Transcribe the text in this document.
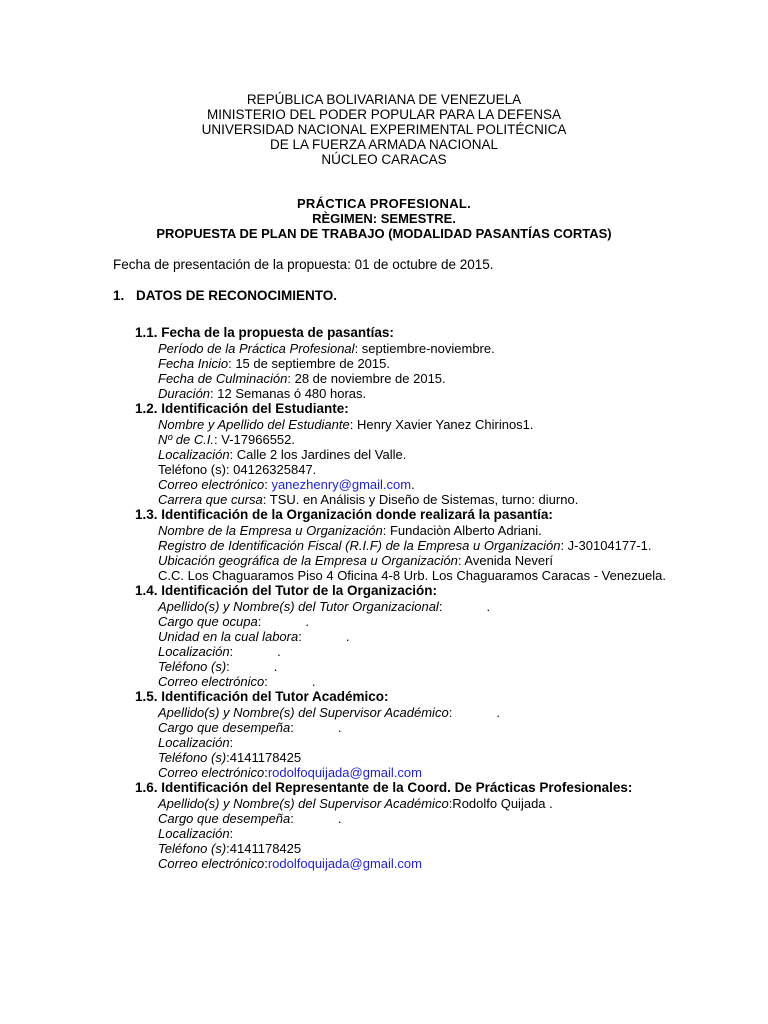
REPÚBLICA BOLIVARIANA DE VENEZUELA
MINISTERIO DEL PODER POPULAR PARA LA DEFENSA
UNIVERSIDAD NACIONAL EXPERIMENTAL POLITÉCNICA
DE LA FUERZA ARMADA NACIONAL
NÚCLEO CARACAS
PRÁCTICA PROFESIONAL.
RÈGIMEN: SEMESTRE.
PROPUESTA DE PLAN DE TRABAJO (MODALIDAD PASANTÍAS CORTAS)
Fecha de presentación de la propuesta: 01 de octubre de 2015.
1. DATOS DE RECONOCIMIENTO.
1.1. Fecha de la propuesta de pasantías:
Período de la Práctica Profesional: septiembre-noviembre.
Fecha Inicio: 15 de septiembre de 2015.
Fecha de Culminación: 28 de noviembre de 2015.
Duración: 12 Semanas ó 480 horas.
1.2. Identificación del Estudiante:
Nombre y Apellido del Estudiante: Henry Xavier Yanez Chirinos1.
Nº de C.I.: V-17966552.
Localización: Calle 2 los Jardines del Valle.
Teléfono (s): 04126325847.
Correo electrónico: yanezhenry@gmail.com.
Carrera que cursa: TSU. en Análisis y Diseño de Sistemas, turno: diurno.
1.3. Identificación de la Organización donde realizará la pasantía:
Nombre de la Empresa u Organización: Fundaciòn Alberto Adriani.
Registro de Identificación Fiscal (R.I.F) de la Empresa u Organización: J-30104177-1.
Ubicación geográfica de la Empresa u Organización: Avenida Neverí
C.C. Los Chaguaramos Piso 4 Oficina 4-8 Urb. Los Chaguaramos Caracas - Venezuela.
1.4. Identificación del Tutor de la Organización:
Apellido(s) y Nombre(s) del Tutor Organizacional:	.
Cargo que ocupa:	.
Unidad en la cual labora:	.
Localización:	.
Teléfono (s):	.
Correo electrónico:	.
1.5. Identificación del Tutor Académico:
Apellido(s) y Nombre(s) del Supervisor Académico:	.
Cargo que desempeña:	.
Localización:
Teléfono (s):4141178425
Correo electrónico:rodolfoquijada@gmail.com
1.6. Identificación del Representante de la Coord. De Prácticas Profesionales:
Apellido(s) y Nombre(s) del Supervisor Académico:Rodolfo Quijada .
Cargo que desempeña:	.
Localización:
Teléfono (s):4141178425
Correo electrónico:rodolfoquijada@gmail.com
